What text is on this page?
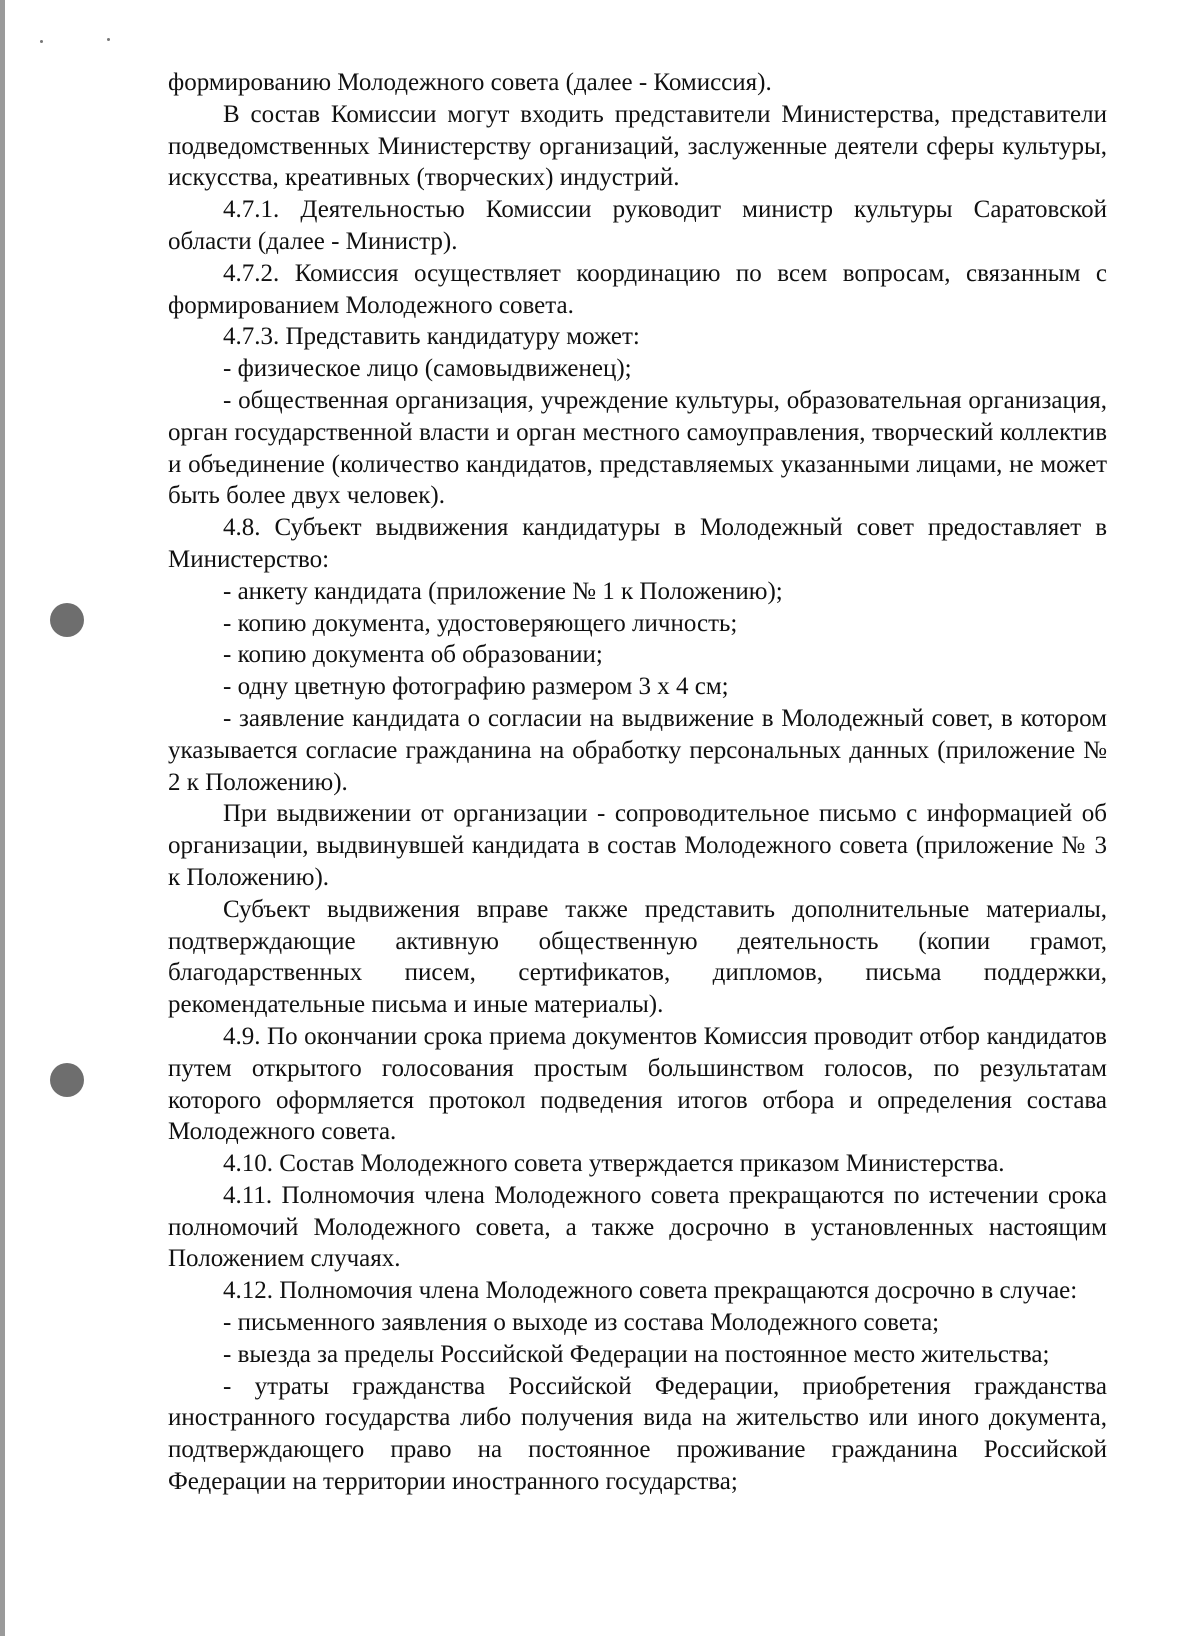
формированию Молодежного совета (далее - Комиссия).

В состав Комиссии могут входить представители Министерства, представители подведомственных Министерству организаций, заслуженные деятели сферы культуры, искусства, креативных (творческих) индустрий.

4.7.1. Деятельностью Комиссии руководит министр культуры Саратовской области (далее - Министр).

4.7.2. Комиссия осуществляет координацию по всем вопросам, связанным с формированием Молодежного совета.

4.7.3. Представить кандидатуру может:

- физическое лицо (самовыдвиженец);

- общественная организация, учреждение культуры, образовательная организация, орган государственной власти и орган местного самоуправления, творческий коллектив и объединение (количество кандидатов, представляемых указанными лицами, не может быть более двух человек).

4.8. Субъект выдвижения кандидатуры в Молодежный совет предоставляет в Министерство:

- анкету кандидата (приложение № 1 к Положению);

- копию документа, удостоверяющего личность;

- копию документа об образовании;

- одну цветную фотографию размером 3 х 4 см;

- заявление кандидата о согласии на выдвижение в Молодежный совет, в котором указывается согласие гражданина на обработку персональных данных (приложение № 2 к Положению).

При выдвижении от организации - сопроводительное письмо с информацией об организации, выдвинувшей кандидата в состав Молодежного совета (приложение № 3 к Положению).

Субъект выдвижения вправе также представить дополнительные материалы, подтверждающие активную общественную деятельность (копии грамот, благодарственных писем, сертификатов, дипломов, письма поддержки, рекомендательные письма и иные материалы).

4.9. По окончании срока приема документов Комиссия проводит отбор кандидатов путем открытого голосования простым большинством голосов, по результатам которого оформляется протокол подведения итогов отбора и определения состава Молодежного совета.

4.10. Состав Молодежного совета утверждается приказом Министерства.

4.11. Полномочия члена Молодежного совета прекращаются по истечении срока полномочий Молодежного совета, а также досрочно в установленных настоящим Положением случаях.

4.12. Полномочия члена Молодежного совета прекращаются досрочно в случае:

- письменного заявления о выходе из состава Молодежного совета;

- выезда за пределы Российской Федерации на постоянное место жительства;

- утраты гражданства Российской Федерации, приобретения гражданства иностранного государства либо получения вида на жительство или иного документа, подтверждающего право на постоянное проживание гражданина Российской Федерации на территории иностранного государства;
